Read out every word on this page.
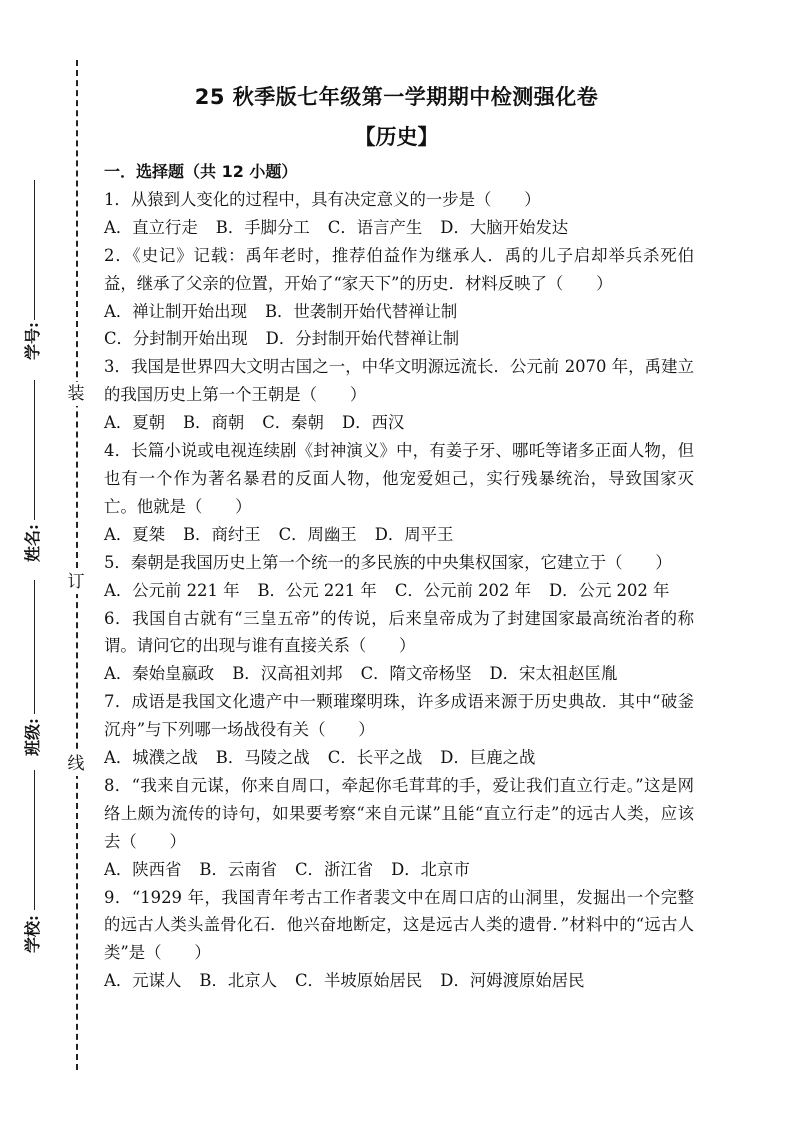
装
订
线
学号:
姓名:
班级:
学校:
25 秋季版七年级第一学期期中检测强化卷
【历史】
一．选择题（共 12 小题）
1．从猿到人变化的过程中，具有决定意义的一步是（　　）
A．直立行走 B．手脚分工 C．语言产生 D．大脑开始发达
2．《史记》记载：禹年老时，推荐伯益作为继承人．禹的儿子启却举兵杀死伯益，继承了父亲的位置，开始了“家天下”的历史．材料反映了（　　）
A．禅让制开始出现 B．世袭制开始代替禅让制
C．分封制开始出现 D．分封制开始代替禅让制
3．我国是世界四大文明古国之一，中华文明源远流长．公元前 2070 年，禹建立的我国历史上第一个王朝是（　　）
A．夏朝 B．商朝 C．秦朝 D．西汉
4．长篇小说或电视连续剧《封神演义》中，有姜子牙、哪吒等诸多正面人物，但也有一个作为著名暴君的反面人物，他宠爱妲己，实行残暴统治，导致国家灭亡。他就是（　　）
A．夏桀 B．商纣王 C．周幽王 D．周平王
5．秦朝是我国历史上第一个统一的多民族的中央集权国家，它建立于（　　）
A．公元前 221 年 B．公元 221 年 C．公元前 202 年 D．公元 202 年
6．我国自古就有“三皇五帝”的传说，后来皇帝成为了封建国家最高统治者的称谓。请问它的出现与谁有直接关系（　　）
A．秦始皇嬴政 B．汉高祖刘邦 C．隋文帝杨坚 D．宋太祖赵匡胤
7．成语是我国文化遗产中一颗璀璨明珠，许多成语来源于历史典故．其中“破釜沉舟”与下列哪一场战役有关（　　）
A．城濮之战 B．马陵之战 C．长平之战 D．巨鹿之战
8．“我来自元谋，你来自周口，牵起你毛茸茸的手，爱让我们直立行走。”这是网络上颇为流传的诗句，如果要考察“来自元谋”且能“直立行走”的远古人类，应该去（　　）
A．陕西省 B．云南省 C．浙江省 D．北京市
9．“1929 年，我国青年考古工作者裴文中在周口店的山洞里，发掘出一个完整的远古人类头盖骨化石．他兴奋地断定，这是远古人类的遗骨．”材料中的“远古人类”是（　　）
A．元谋人 B．北京人 C．半坡原始居民 D．河姆渡原始居民
